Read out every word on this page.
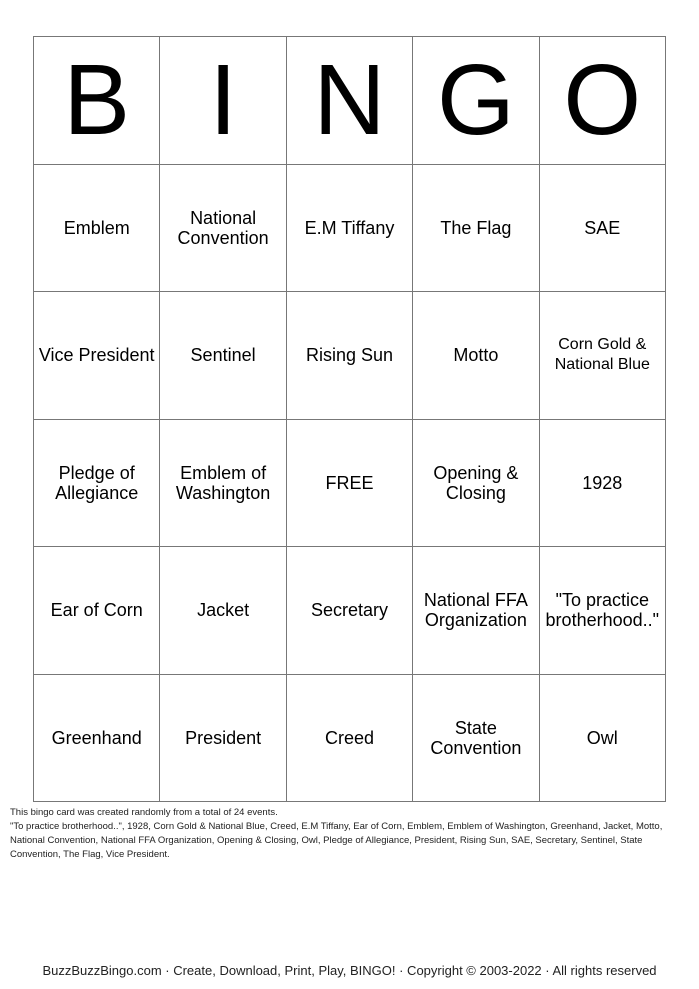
B	I	N	G	O
Emblem	National Convention	E.M Tiffany	The Flag	SAE
Vice President	Sentinel	Rising Sun	Motto	Corn Gold & National Blue
Pledge of Allegiance	Emblem of Washington	FREE	Opening & Closing	1928
Ear of Corn	Jacket	Secretary	National FFA Organization	"To practice brotherhood.."
Greenhand	President	Creed	State Convention	Owl
This bingo card was created randomly from a total of 24 events.
"To practice brotherhood..", 1928, Corn Gold & National Blue, Creed, E.M Tiffany, Ear of Corn, Emblem, Emblem of Washington, Greenhand, Jacket, Motto, National Convention, National FFA Organization, Opening & Closing, Owl, Pledge of Allegiance, President, Rising Sun, SAE, Secretary, Sentinel, State Convention, The Flag, Vice President.
BuzzBuzzBingo.com · Create, Download, Print, Play, BINGO! · Copyright © 2003-2022 · All rights reserved
